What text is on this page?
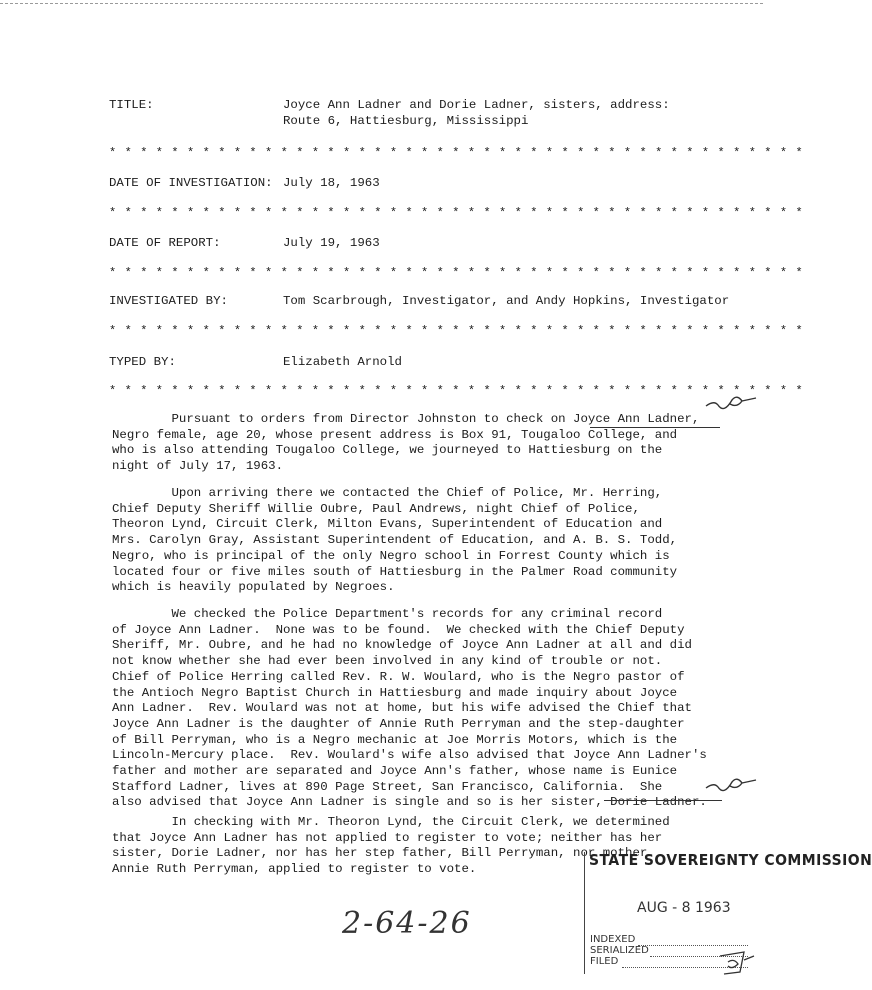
TITLE:	Joyce Ann Ladner and Dorie Ladner, sisters, address:
Route 6, Hattiesburg, Mississippi
* * * * * * * * * * * * * * * * * * * * * * * * * * * * * * * * * * * * * * * * * * * * *
DATE OF INVESTIGATION: July 18, 1963
* * * * * * * * * * * * * * * * * * * * * * * * * * * * * * * * * * * * * * * * * * * * *
DATE OF REPORT:	July 19, 1963
* * * * * * * * * * * * * * * * * * * * * * * * * * * * * * * * * * * * * * * * * * * * *
INVESTIGATED BY:	Tom Scarbrough, Investigator, and Andy Hopkins, Investigator
* * * * * * * * * * * * * * * * * * * * * * * * * * * * * * * * * * * * * * * * * * * * *
TYPED BY:	Elizabeth Arnold
* * * * * * * * * * * * * * * * * * * * * * * * * * * * * * * * * * * * * * * * * * * * *
Pursuant to orders from Director Johnston to check on Joyce Ann Ladner,
Negro female, age 20, whose present address is Box 91, Tougaloo College, and
who is also attending Tougaloo College, we journeyed to Hattiesburg on the
night of July 17, 1963.
Upon arriving there we contacted the Chief of Police, Mr. Herring,
Chief Deputy Sheriff Willie Oubre, Paul Andrews, night Chief of Police,
Theoron Lynd, Circuit Clerk, Milton Evans, Superintendent of Education and
Mrs. Carolyn Gray, Assistant Superintendent of Education, and A. B. S. Todd,
Negro, who is principal of the only Negro school in Forrest County which is
located four or five miles south of Hattiesburg in the Palmer Road community
which is heavily populated by Negroes.
We checked the Police Department's records for any criminal record
of Joyce Ann Ladner.  None was to be found.  We checked with the Chief Deputy
Sheriff, Mr. Oubre, and he had no knowledge of Joyce Ann Ladner at all and did
not know whether she had ever been involved in any kind of trouble or not.
Chief of Police Herring called Rev. R. W. Woulard, who is the Negro pastor of
the Antioch Negro Baptist Church in Hattiesburg and made inquiry about Joyce
Ann Ladner.  Rev. Woulard was not at home, but his wife advised the Chief that
Joyce Ann Ladner is the daughter of Annie Ruth Perryman and the step-daughter
of Bill Perryman, who is a Negro mechanic at Joe Morris Motors, which is the
Lincoln-Mercury place.  Rev. Woulard's wife also advised that Joyce Ann Ladner's
father and mother are separated and Joyce Ann's father, whose name is Eunice
Stafford Ladner, lives at 890 Page Street, San Francisco, California.  She
also advised that Joyce Ann Ladner is single and so is her sister, Dorie Ladner.
In checking with Mr. Theoron Lynd, the Circuit Clerk, we determined
that Joyce Ann Ladner has not applied to register to vote; neither has her
sister, Dorie Ladner, nor has her step father, Bill Perryman, nor mother
Annie Ruth Perryman, applied to register to vote.
2-64-26
STATE SOVEREIGNTY COMMISSION
AUG - 8 1963
INDEXED
SERIALIZED
FILED
